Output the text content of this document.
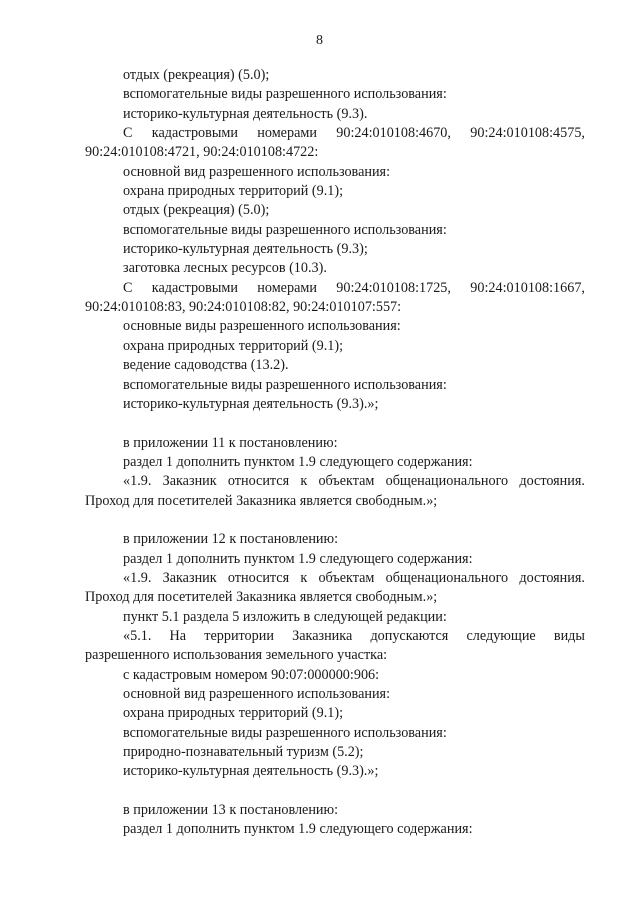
8
отдых (рекреация) (5.0);
вспомогательные виды разрешенного использования:
историко-культурная деятельность (9.3).
С кадастровыми номерами 90:24:010108:4670, 90:24:010108:4575,
90:24:010108:4721, 90:24:010108:4722:
основной вид разрешенного использования:
охрана природных территорий (9.1);
отдых (рекреация) (5.0);
вспомогательные виды разрешенного использования:
историко-культурная деятельность (9.3);
заготовка лесных ресурсов (10.3).
С кадастровыми номерами 90:24:010108:1725, 90:24:010108:1667,
90:24:010108:83, 90:24:010108:82, 90:24:010107:557:
основные виды разрешенного использования:
охрана природных территорий (9.1);
ведение садоводства (13.2).
вспомогательные виды разрешенного использования:
историко-культурная деятельность (9.3).»;
в приложении 11 к постановлению:
раздел 1 дополнить пунктом 1.9 следующего содержания:
«1.9. Заказник относится к объектам общенационального достояния.
Проход для посетителей Заказника является свободным.»;
в приложении 12 к постановлению:
раздел 1 дополнить пунктом 1.9 следующего содержания:
«1.9. Заказник относится к объектам общенационального достояния.
Проход для посетителей Заказника является свободным.»;
пункт 5.1 раздела 5 изложить в следующей редакции:
«5.1. На территории Заказника допускаются следующие виды
разрешенного использования земельного участка:
с кадастровым номером 90:07:000000:906:
основной вид разрешенного использования:
охрана природных территорий (9.1);
вспомогательные виды разрешенного использования:
природно-познавательный туризм (5.2);
историко-культурная деятельность (9.3).»;
в приложении 13 к постановлению:
раздел 1 дополнить пунктом 1.9 следующего содержания:
